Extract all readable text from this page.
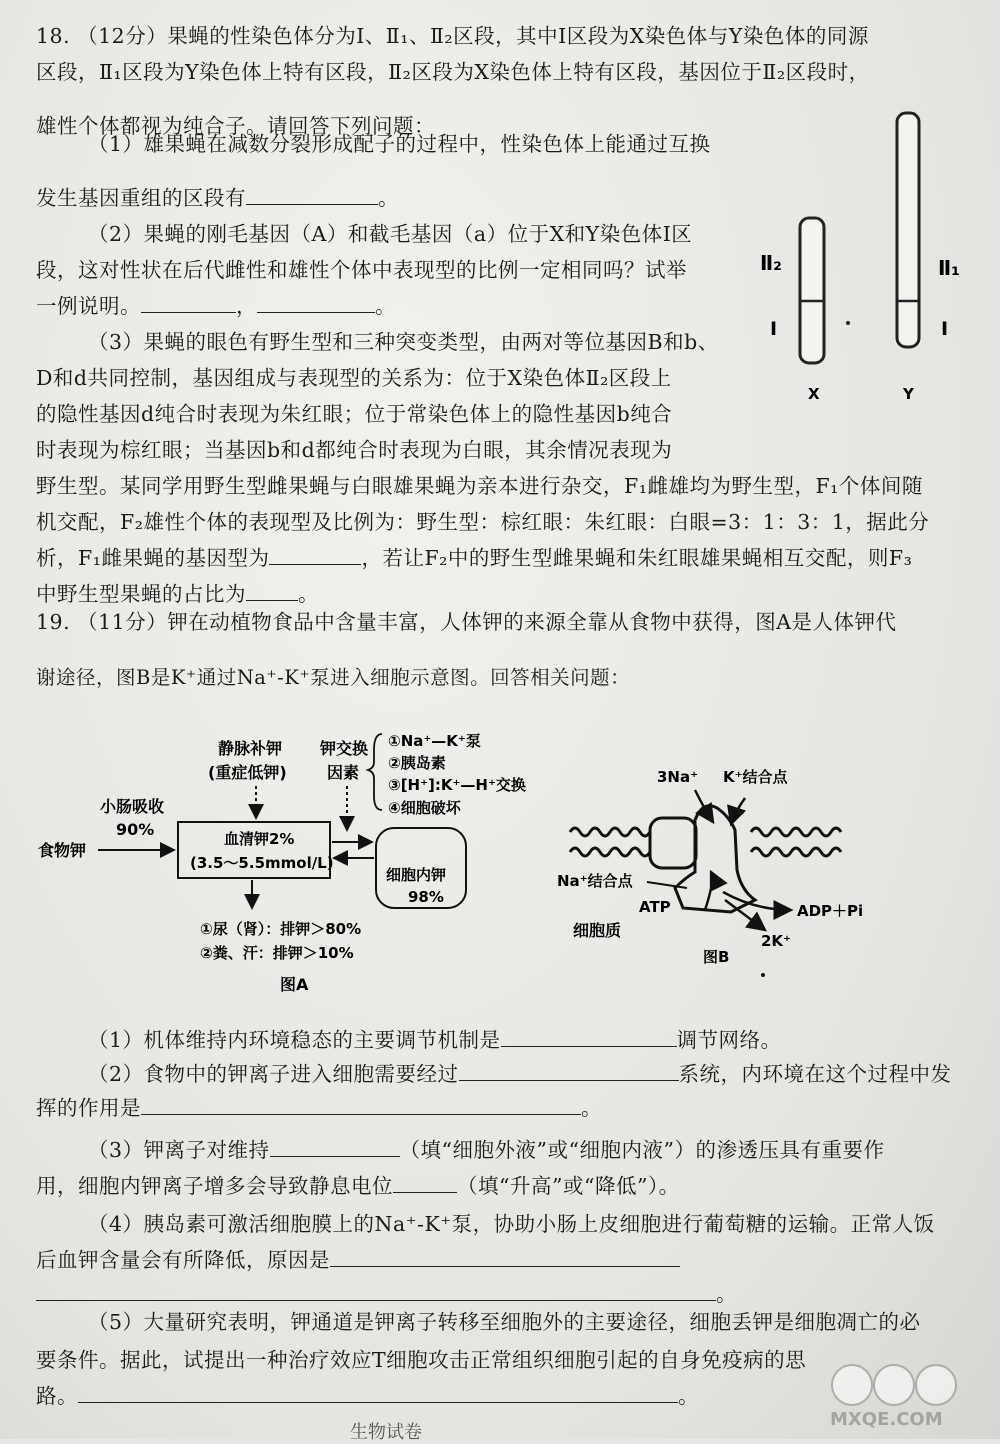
18. （12分）果蝇的性染色体分为Ⅰ、Ⅱ₁、Ⅱ₂区段，其中Ⅰ区段为X染色体与Y染色体的同源
区段，Ⅱ₁区段为Y染色体上特有区段，Ⅱ₂区段为X染色体上特有区段，基因位于Ⅱ₂区段时，
雄性个体都视为纯合子。请回答下列问题：
（1）雄果蝇在减数分裂形成配子的过程中，性染色体上能通过互换
发生基因重组的区段有	。
（2）果蝇的刚毛基因（A）和截毛基因（a）位于X和Y染色体Ⅰ区
段，这对性状在后代雌性和雄性个体中表现型的比例一定相同吗？试举
一例说明。	，	。
（3）果蝇的眼色有野生型和三种突变类型，由两对等位基因B和b、
D和d共同控制，基因组成与表现型的关系为：位于X染色体Ⅱ₂区段上
的隐性基因d纯合时表现为朱红眼；位于常染色体上的隐性基因b纯合
时表现为棕红眼；当基因b和d都纯合时表现为白眼，其余情况表现为
野生型。某同学用野生型雌果蝇与白眼雄果蝇为亲本进行杂交，F₁雌雄均为野生型，F₁个体间随
机交配，F₂雄性个体的表现型及比例为：野生型：棕红眼：朱红眼：白眼=3：1：3：1，据此分
析，F₁雌果蝇的基因型为	，若让F₂中的野生型雌果蝇和朱红眼雄果蝇相互交配，则F₃
中野生型果蝇的占比为	。
Ⅱ₂
Ⅰ
Ⅱ₁
Ⅰ
X	Y
19. （11分）钾在动植物食品中含量丰富，人体钾的来源全靠从食物中获得，图A是人体钾代
谢途径，图B是K⁺通过Na⁺-K⁺泵进入细胞示意图。回答相关问题：
静脉补钾
(重症低钾)
钾交换
因素
①Na⁺—K⁺泵
②胰岛素
③[H⁺]:K⁺—H⁺交换
④细胞破坏
小肠吸收
90%
食物钾
血清钾2%
(3.5～5.5mmol/L)
细胞内钾
98%
①尿（肾）：排钾＞80%
②粪、汗：排钾＞10%
图A
3Na⁺ K⁺结合点
Na⁺结合点
ATP	ADP＋Pi
2K⁺
细胞质
图B
（1）机体维持内环境稳态的主要调节机制是	调节网络。
（2）食物中的钾离子进入细胞需要经过	系统，内环境在这个过程中发
挥的作用是	。
（3）钾离子对维持	（填“细胞外液”或“细胞内液”）的渗透压具有重要作
用，细胞内钾离子增多会导致静息电位	（填“升高”或“降低”）。
（4）胰岛素可激活细胞膜上的Na⁺-K⁺泵，协助小肠上皮细胞进行葡萄糖的运输。正常人饭
后血钾含量会有所降低，原因是
。
（5）大量研究表明，钾通道是钾离子转移至细胞外的主要途径，细胞丢钾是细胞凋亡的必
要条件。据此，试提出一种治疗效应T细胞攻击正常组织细胞引起的自身免疫病的思
路。	。
生物试卷
MXQE.COM
